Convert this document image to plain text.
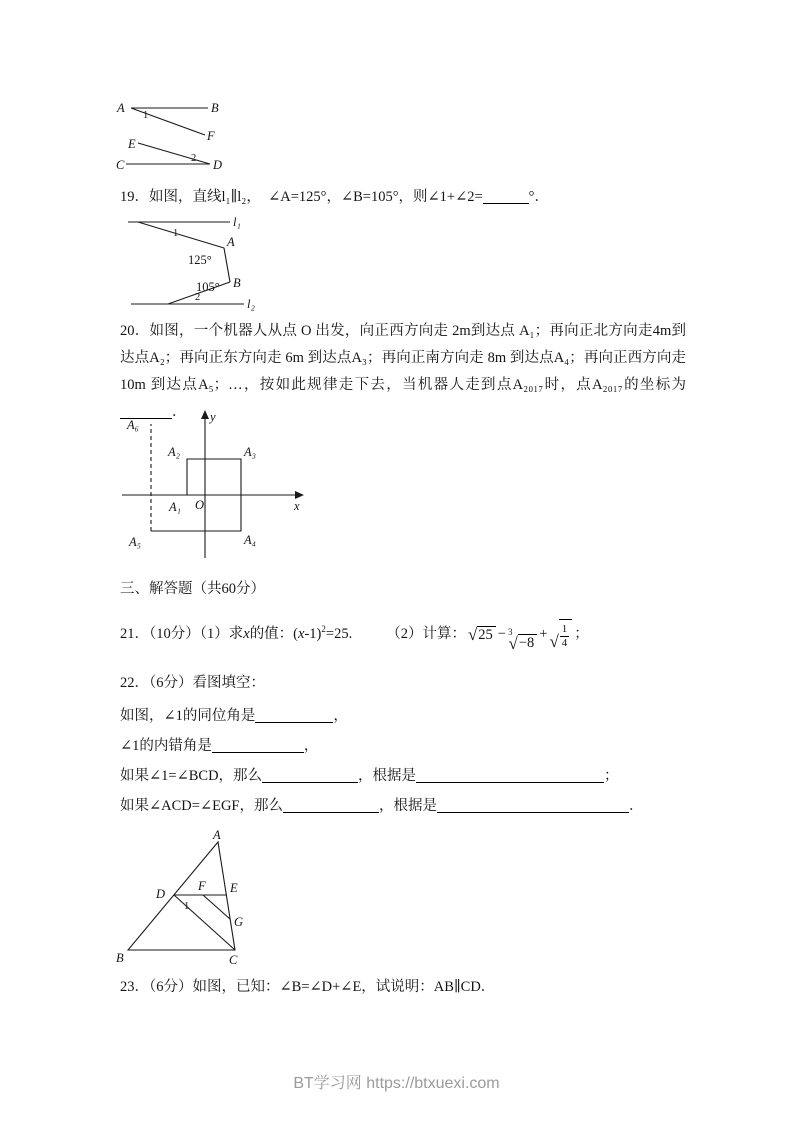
A	B
1
F
E
C	D
2
19．如图，直线l₁∥l₂，　∠A=125°，∠B=105°，则∠1+∠2=	°．
l₁
1
A
125°
B
105°
2	l₂
20．如图，一个机器人从点 O 出发，向正西方向走 2m到达点 A₁；再向正北方向走4m到达点A₂；再向正东方向走 6m 到达点A₃；再向正南方向走 8m 到达点A₄；再向正西方向走 10m 到达点A₅；…，按如此规律走下去，当机器人走到点A₂₀₁₇时，点A₂₀₁₇的坐标为．	y
x
O
A₁
A₂	A₃
A₄
A₅
A₆
三、解答题（共60分）
21．（10分）（1）求x的值：$(x-1)^2=25$. （2）计算： √ 25 − 3
√ −8
+ √ $\frac{1}{4}$ ；
22．（6分）看图填空：
如图，∠1的同位角是	，
∠1的内错角是	，
如果∠1=∠BCD，那么	，根据是	；
如果∠ACD=∠EGF，那么	，根据是	．
A
B	C
D
F E
G
1
23．（6分）如图，已知：∠B=∠D+∠E，试说明：AB∥CD．
BT学习网 https://btxuexi.com
